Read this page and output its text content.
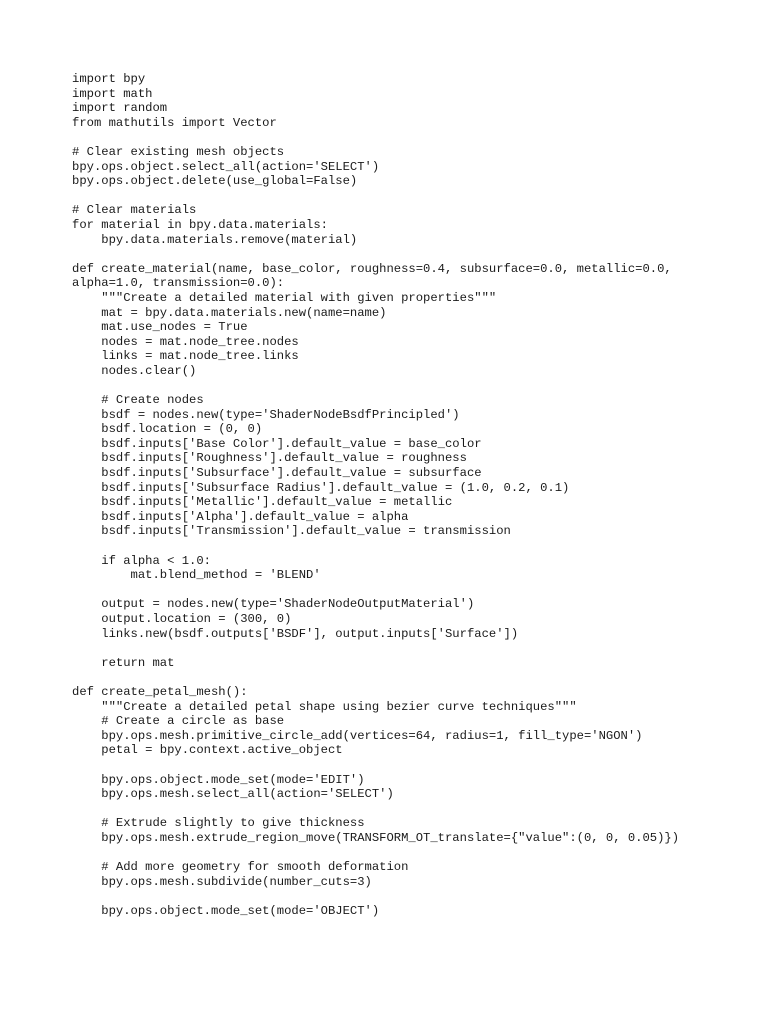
import bpy
import math
import random
from mathutils import Vector
# Clear existing mesh objects
bpy.ops.object.select_all(action='SELECT')
bpy.ops.object.delete(use_global=False)
# Clear materials
for material in bpy.data.materials:
bpy.data.materials.remove(material)
def create_material(name, base_color, roughness=0.4, subsurface=0.0, metallic=0.0,
alpha=1.0, transmission=0.0):
"""Create a detailed material with given properties"""
mat = bpy.data.materials.new(name=name)
mat.use_nodes = True
nodes = mat.node_tree.nodes
links = mat.node_tree.links
nodes.clear()
# Create nodes
bsdf = nodes.new(type='ShaderNodeBsdfPrincipled')
bsdf.location = (0, 0)
bsdf.inputs['Base Color'].default_value = base_color
bsdf.inputs['Roughness'].default_value = roughness
bsdf.inputs['Subsurface'].default_value = subsurface
bsdf.inputs['Subsurface Radius'].default_value = (1.0, 0.2, 0.1)
bsdf.inputs['Metallic'].default_value = metallic
bsdf.inputs['Alpha'].default_value = alpha
bsdf.inputs['Transmission'].default_value = transmission
if alpha < 1.0:
mat.blend_method = 'BLEND'
output = nodes.new(type='ShaderNodeOutputMaterial')
output.location = (300, 0)
links.new(bsdf.outputs['BSDF'], output.inputs['Surface'])
return mat
def create_petal_mesh():
"""Create a detailed petal shape using bezier curve techniques"""
# Create a circle as base
bpy.ops.mesh.primitive_circle_add(vertices=64, radius=1, fill_type='NGON')
petal = bpy.context.active_object
bpy.ops.object.mode_set(mode='EDIT')
bpy.ops.mesh.select_all(action='SELECT')
# Extrude slightly to give thickness
bpy.ops.mesh.extrude_region_move(TRANSFORM_OT_translate={"value":(0, 0, 0.05)})
# Add more geometry for smooth deformation
bpy.ops.mesh.subdivide(number_cuts=3)
bpy.ops.object.mode_set(mode='OBJECT')
